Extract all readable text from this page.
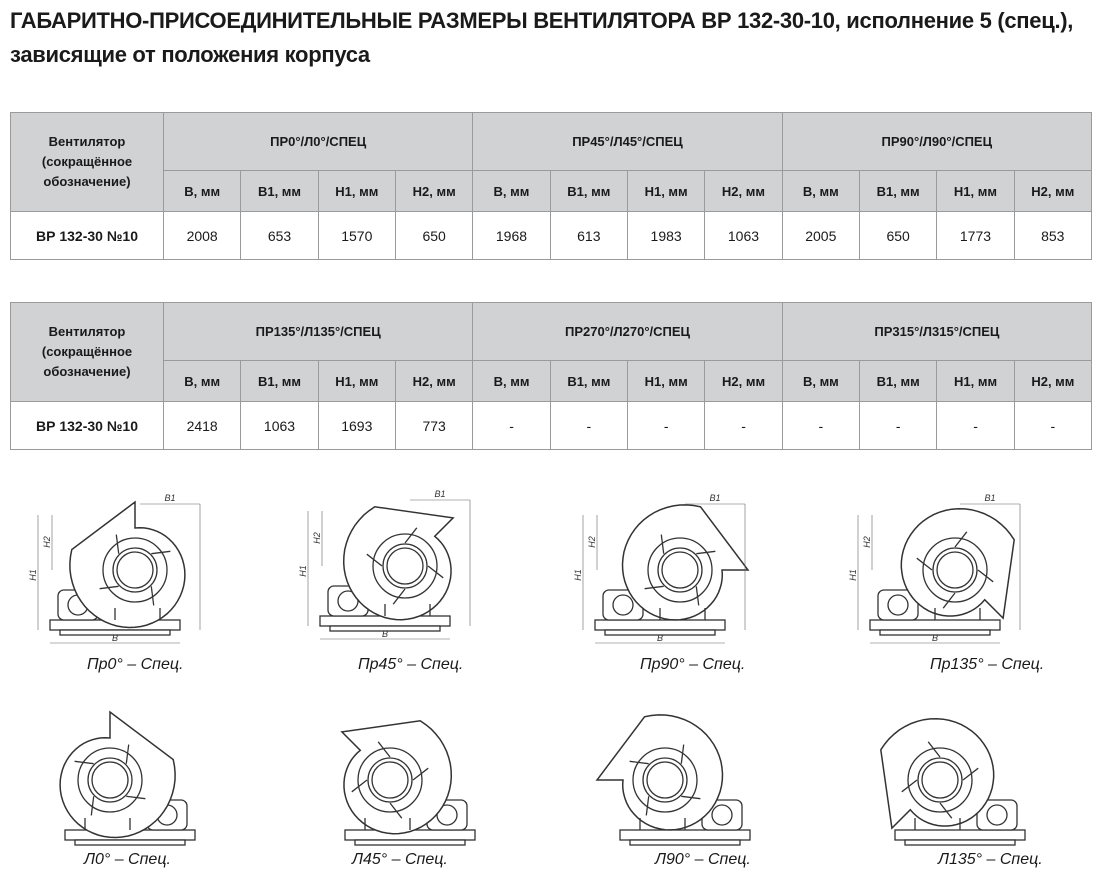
ГАБАРИТНО-ПРИСОЕДИНИТЕЛЬНЫЕ РАЗМЕРЫ ВЕНТИЛЯТОРА ВР 132-30-10, исполнение 5 (спец.), зависящие от положения корпуса
Вентилятор
(сокращённое
обозначение)	ПР0°/Л0°/СПЕЦ				ПР45°/Л45°/СПЕЦ				ПР90°/Л90°/СПЕЦ			
	В, мм	В1, мм	Н1, мм	Н2, мм	В, мм	В1, мм	Н1, мм	Н2, мм	В, мм	В1, мм	Н1, мм	Н2, мм
ВР 132-30 №10	2008	653	1570	650	1968	613	1983	1063	2005	650	1773	853
Вентилятор
(сокращённое
обозначение)	ПР135°/Л135°/СПЕЦ				ПР270°/Л270°/СПЕЦ				ПР315°/Л315°/СПЕЦ			
	В, мм	В1, мм	Н1, мм	Н2, мм	В, мм	В1, мм	Н1, мм	Н2, мм	В, мм	В1, мм	Н1, мм	Н2, мм
ВР 132-30 №10	2418	1063	1693	773	-	-	-	-	-	-	-	-
B
B1
H1
H2
Пр0° – Спец.
B
B1
H1
H2
Пр45° – Спец.
B
B1
H1
H2
Пр90° – Спец.
B
B1
H1
H2
Пр135° – Спец.
Л0° – Спец.	Л45° – Спец.	Л90° – Спец.	Л135° – Спец.
